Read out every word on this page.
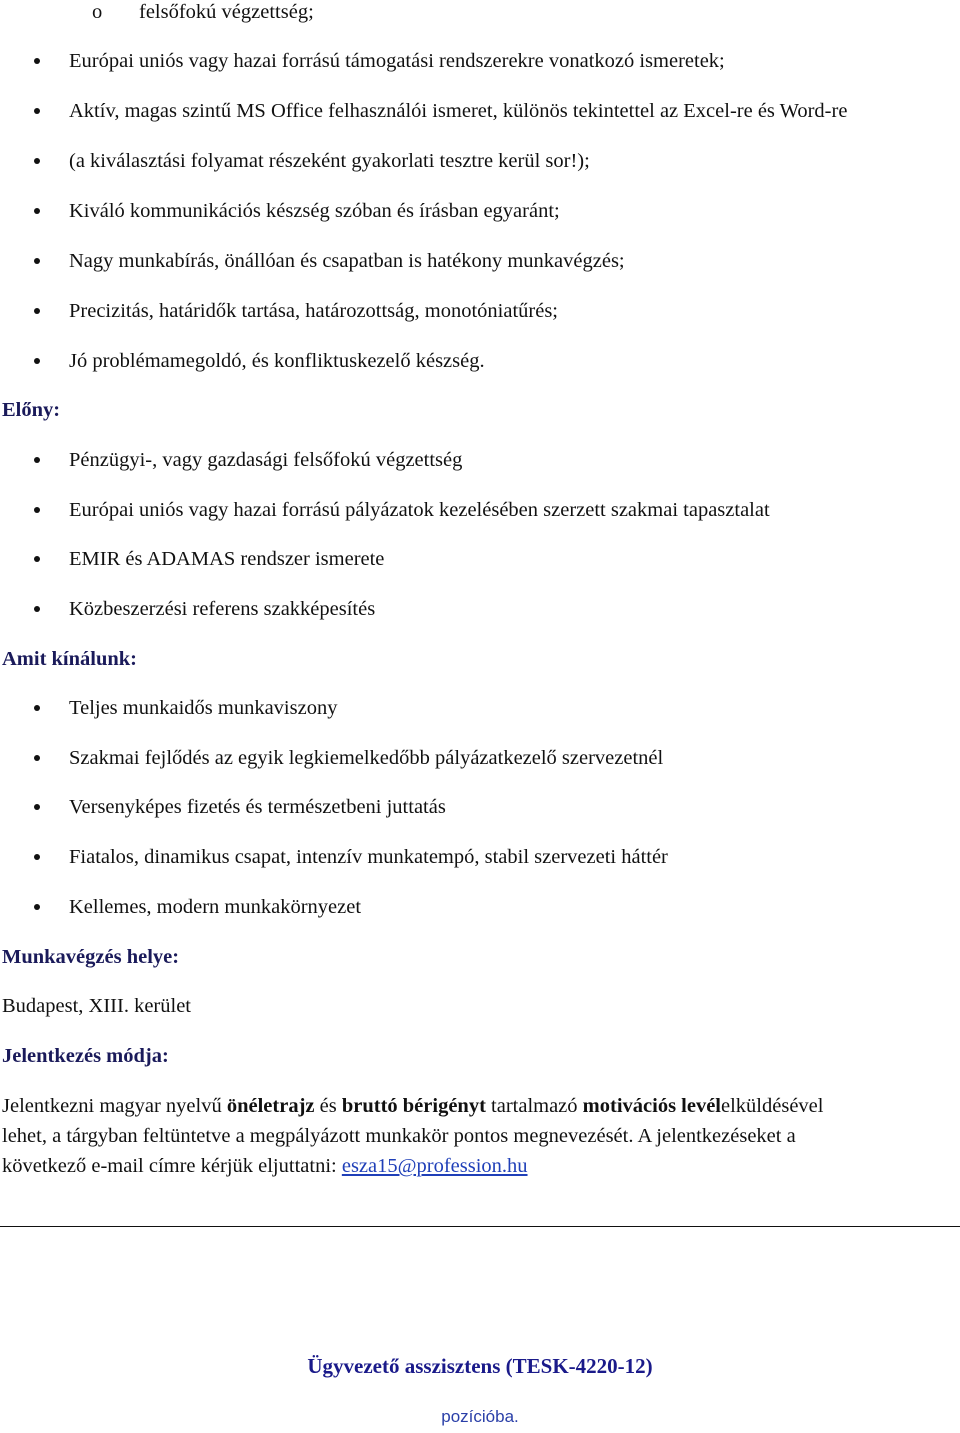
o felsőfokú végzettség;
Európai uniós vagy hazai forrású támogatási rendszerekre vonatkozó ismeretek;
Aktív, magas szintű MS Office felhasználói ismeret, különös tekintettel az Excel-re és Word-re
(a kiválasztási folyamat részeként gyakorlati tesztre kerül sor!);
Kiváló kommunikációs készség szóban és írásban egyaránt;
Nagy munkabírás, önállóan és csapatban is hatékony munkavégzés;
Precizitás, határidők tartása, határozottság, monotóniatűrés;
Jó problémamegoldó, és konfliktuskezelő készség.
Előny:
Pénzügyi-, vagy gazdasági felsőfokú végzettség
Európai uniós vagy hazai forrású pályázatok kezelésében szerzett szakmai tapasztalat
EMIR és ADAMAS rendszer ismerete
Közbeszerzési referens szakképesítés
Amit kínálunk:
Teljes munkaidős munkaviszony
Szakmai fejlődés az egyik legkiemelkedőbb pályázatkezelő szervezetnél
Versenyképes fizetés és természetbeni juttatás
Fiatalos, dinamikus csapat, intenzív munkatempó, stabil szervezeti háttér
Kellemes, modern munkakörnyezet
Munkavégzés helye:
Budapest, XIII. kerület
Jelentkezés módja:
Jelentkezni magyar nyelvű önéletrajz és bruttó bérigényt tartalmazó motivációs levélelküldésével
lehet, a tárgyban feltüntetve a megpályázott munkakör pontos megnevezését. A jelentkezéseket a
következő e-mail címre kérjük eljuttatni: esza15@profession.hu
Ügyvezető asszisztens (TESK-4220-12)
pozícióba.
